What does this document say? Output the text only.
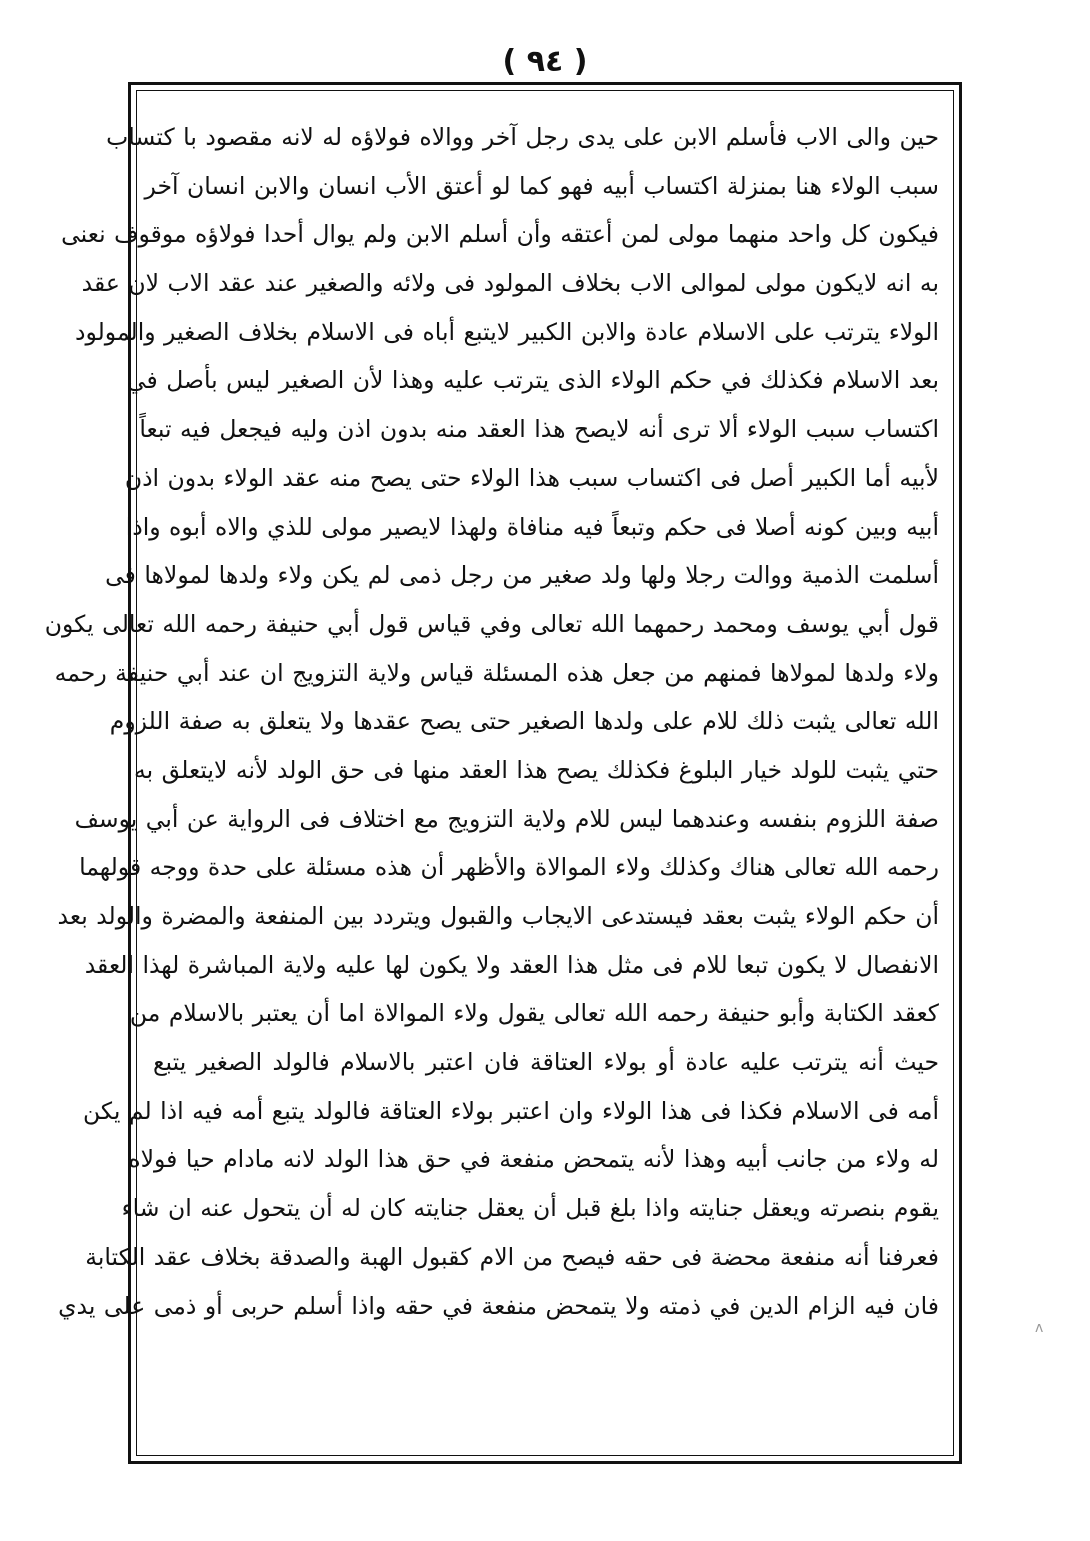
( ٩٤ )
حين والى الاب فأسلم الابن على يدى رجل آخر ووالاه فولاؤه له لانه مقصود با كتساب
سبب الولاء هنا بمنزلة اكتساب أبيه فهو كما لو أعتق الأب انسان والابن انسان آخر
فيكون كل واحد منهما مولى لمن أعتقه وأن أسلم الابن ولم يوال أحدا فولاؤه موقوف نعنى
به انه لايكون مولى لموالى الاب بخلاف المولود فى ولائه والصغير عند عقد الاب لان عقد
الولاء يترتب على الاسلام عادة والابن الكبير لايتبع أباه فى الاسلام بخلاف الصغير والمولود
بعد الاسلام فكذلك في حكم الولاء الذى يترتب عليه وهذا لأن الصغير ليس بأصل في
اكتساب سبب الولاء ألا ترى أنه لايصح هذا العقد منه بدون اذن وليه فيجعل فيه تبعاً
لأبيه أما الكبير أصل فى اكتساب سبب هذا الولاء حتى يصح منه عقد الولاء بدون اذن
أبيه وبين كونه أصلا فى حكم وتبعاً فيه منافاة ولهذا لايصير مولى للذي والاه أبوه واذا
أسلمت الذمية ووالت رجلا ولها ولد صغير من رجل ذمى لم يكن ولاء ولدها لمولاها فى
قول أبي يوسف ومحمد رحمهما الله تعالى وفي قياس قول أبي حنيفة رحمه الله تعالى يكون
ولاء ولدها لمولاها فمنهم من جعل هذه المسئلة قياس ولاية التزويج ان عند أبي حنيفة رحمه
الله تعالى يثبت ذلك للام على ولدها الصغير حتى يصح عقدها ولا يتعلق به صفة اللزوم
حتي يثبت للولد خيار البلوغ فكذلك يصح هذا العقد منها فى حق الولد لأنه لايتعلق به
صفة اللزوم بنفسه وعندهما ليس للام ولاية التزويج مع اختلاف فى الرواية عن أبي يوسف
رحمه الله تعالى هناك وكذلك ولاء الموالاة والأظهر أن هذه مسئلة على حدة ووجه قولهما
أن حكم الولاء يثبت بعقد فيستدعى الايجاب والقبول ويتردد بين المنفعة والمضرة والولد بعد
الانفصال لا يكون تبعا للام فى مثل هذا العقد ولا يكون لها عليه ولاية المباشرة لهذا العقد
كعقد الكتابة وأبو حنيفة رحمه الله تعالى يقول ولاء الموالاة اما أن يعتبر بالاسلام من
حيث أنه يترتب عليه عادة أو بولاء العتاقة فان اعتبر بالاسلام فالولد الصغير يتبع
أمه فى الاسلام فكذا فى هذا الولاء وان اعتبر بولاء العتاقة فالولد يتبع أمه فيه اذا لم يكن
له ولاء من جانب أبيه وهذا لأنه يتمحض منفعة في حق هذا الولد لانه مادام حيا فولاه
يقوم بنصرته ويعقل جنايته واذا بلغ قبل أن يعقل جنايته كان له أن يتحول عنه ان شاء
فعرفنا أنه منفعة محضة فى حقه فيصح من الام كقبول الهبة والصدقة بخلاف عقد الكتابة
فان فيه الزام الدين في ذمته ولا يتمحض منفعة في حقه واذا أسلم حربى أو ذمى على يدي
ʌ
